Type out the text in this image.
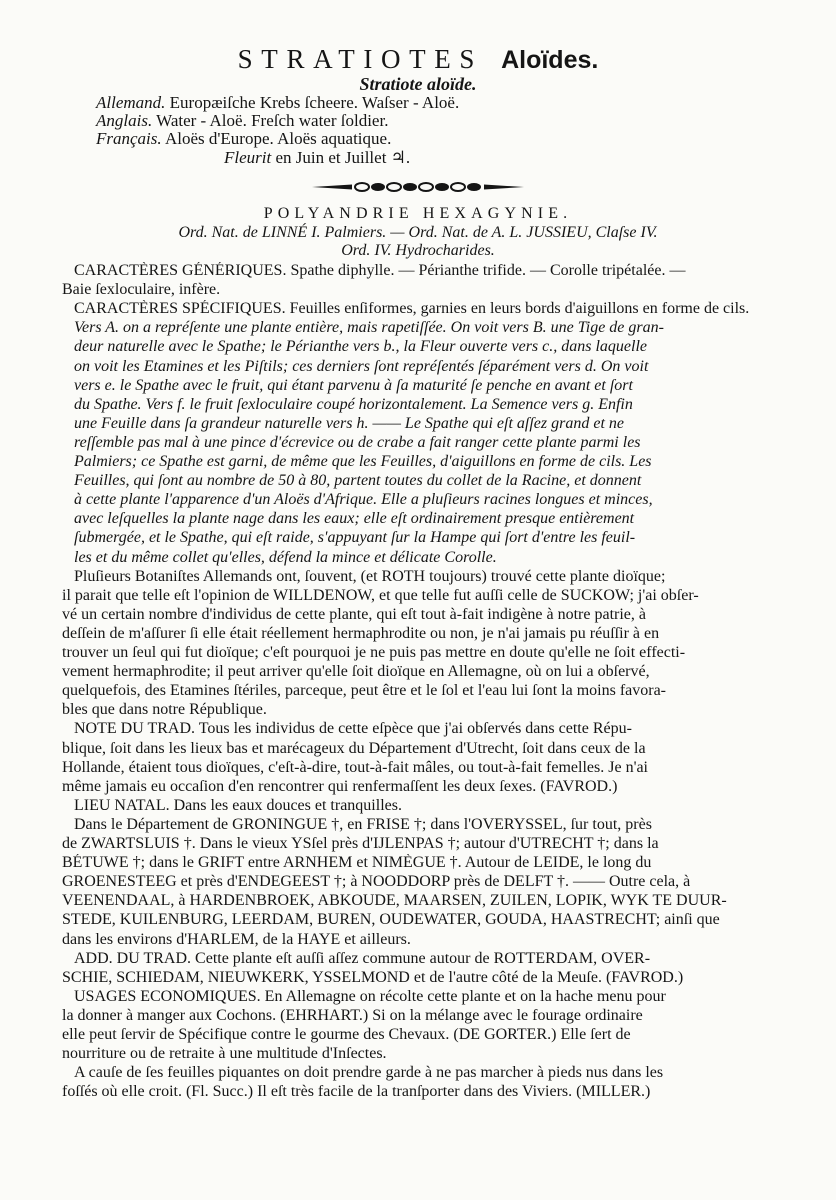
STRATIOTES Aloïdes.
Stratiote aloïde.
Allemand. Europæiſche Krebs ſcheere. Waſser - Aloë.
Anglais. Water - Aloë. Freſch water ſoldier.
Français. Aloës d'Europe. Aloës aquatique.
Fleurit en Juin et Juillet ♃.
POLYANDRIE HEXAGYNIE.
Ord. Nat. de LINNÉ I. Palmiers. — Ord. Nat. de A. L. JUSSIEU, Claſse IV.
Ord. IV. Hydrocharides.
CARACTÈRES GÉNÉRIQUES. Spathe diphylle. — Périanthe trifide. — Corolle tripétalée. —
Baie ſexloculaire, infère.
CARACTÈRES SPÉCIFIQUES. Feuilles enſiformes, garnies en leurs bords d'aiguillons en forme de cils.
Vers A. on a repréſente une plante entière, mais rapetiſſée. On voit vers B. une Tige de gran-
deur naturelle avec le Spathe; le Périanthe vers b., la Fleur ouverte vers c., dans laquelle
on voit les Etamines et les Piſtils; ces derniers ſont repréſentés ſéparément vers d. On voit
vers e. le Spathe avec le fruit, qui étant parvenu à ſa maturité ſe penche en avant et ſort
du Spathe. Vers f. le fruit ſexloculaire coupé horizontalement. La Semence vers g. Enfin
une Feuille dans ſa grandeur naturelle vers h. —— Le Spathe qui eſt aſſez grand et ne
reſſemble pas mal à une pince d'écrevice ou de crabe a fait ranger cette plante parmi les
Palmiers; ce Spathe est garni, de même que les Feuilles, d'aiguillons en forme de cils. Les
Feuilles, qui ſont au nombre de 50 à 80, partent toutes du collet de la Racine, et donnent
à cette plante l'apparence d'un Aloës d'Afrique. Elle a pluſieurs racines longues et minces,
avec leſquelles la plante nage dans les eaux; elle eſt ordinairement presque entièrement
ſubmergée, et le Spathe, qui eſt raide, s'appuyant ſur la Hampe qui ſort d'entre les feuil-
les et du même collet qu'elles, défend la mince et délicate Corolle.
Pluſieurs Botaniſtes Allemands ont, ſouvent, (et ROTH toujours) trouvé cette plante dioïque;
il parait que telle eſt l'opinion de WILLDENOW, et que telle fut auſſi celle de SUCKOW; j'ai obſer-
vé un certain nombre d'individus de cette plante, qui eſt tout à-fait indigène à notre patrie, à
deſſein de m'aſſurer ſi elle était réellement hermaphrodite ou non, je n'ai jamais pu réuſſir à en
trouver un ſeul qui fut dioïque; c'eſt pourquoi je ne puis pas mettre en doute qu'elle ne ſoit effecti-
vement hermaphrodite; il peut arriver qu'elle ſoit dioïque en Allemagne, où on lui a obſervé,
quelquefois, des Etamines ſtériles, parceque, peut être et le ſol et l'eau lui ſont la moins favora-
bles que dans notre République.
NOTE DU TRAD. Tous les individus de cette eſpèce que j'ai obſervés dans cette Répu-
blique, ſoit dans les lieux bas et marécageux du Département d'Utrecht, ſoit dans ceux de la
Hollande, étaient tous dioïques, c'eſt-à-dire, tout-à-fait mâles, ou tout-à-fait femelles. Je n'ai
même jamais eu occaſion d'en rencontrer qui renfermaſſent les deux ſexes. (FAVROD.)
LIEU NATAL. Dans les eaux douces et tranquilles.
Dans le Département de GRONINGUE †, en FRISE †; dans l'OVERYSSEL, ſur tout, près
de ZWARTSLUIS †. Dans le vieux YSſel près d'IJLENPAS †; autour d'UTRECHT †; dans la
BÉTUWE †; dans le GRIFT entre ARNHEM et NIMÈGUE †. Autour de LEIDE, le long du
GROENESTEEG et près d'ENDEGEEST †; à NOODDORP près de DELFT †. —— Outre cela, à
VEENENDAAL, à HARDENBROEK, ABKOUDE, MAARSEN, ZUILEN, LOPIK, WYK TE DUUR-
STEDE, KUILENBURG, LEERDAM, BUREN, OUDEWATER, GOUDA, HAASTRECHT; ainſi que
dans les environs d'HARLEM, de la HAYE et ailleurs.
ADD. DU TRAD. Cette plante eſt auſſi aſſez commune autour de ROTTERDAM, OVER-
SCHIE, SCHIEDAM, NIEUWKERK, YSSELMOND et de l'autre côté de la Meuſe. (FAVROD.)
USAGES ECONOMIQUES. En Allemagne on récolte cette plante et on la hache menu pour
la donner à manger aux Cochons. (EHRHART.) Si on la mélange avec le fourage ordinaire
elle peut ſervir de Spécifique contre le gourme des Chevaux. (DE GORTER.) Elle ſert de
nourriture ou de retraite à une multitude d'Inſectes.
A cauſe de ſes feuilles piquantes on doit prendre garde à ne pas marcher à pieds nus dans les
foſſés où elle croit. (Fl. Succ.) Il eſt très facile de la tranſporter dans des Viviers. (MILLER.)
